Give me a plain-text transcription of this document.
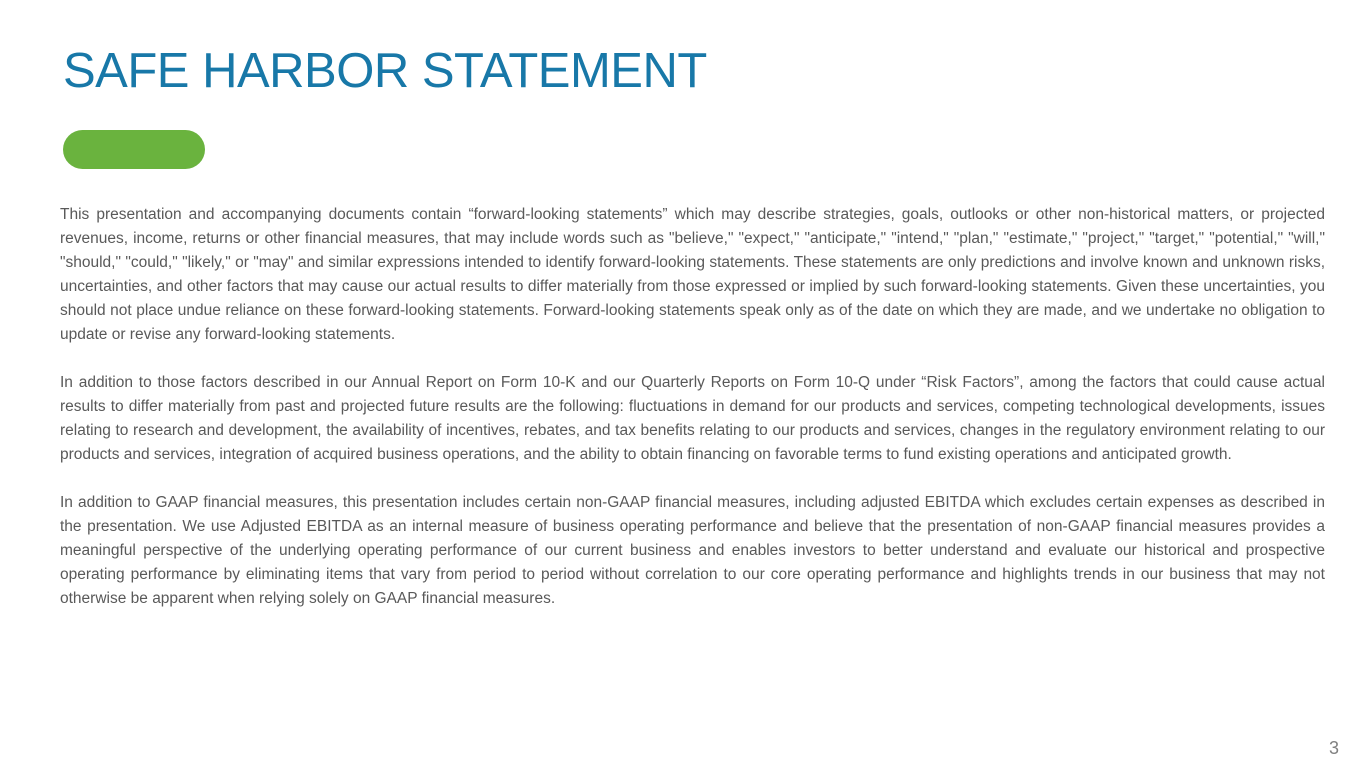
SAFE HARBOR STATEMENT

This presentation and accompanying documents contain “forward-looking statements” which may describe strategies, goals, outlooks or other non-historical matters, or projected revenues, income, returns or other financial measures, that may include words such as "believe," "expect," "anticipate," "intend," "plan," "estimate," "project," "target," "potential," "will," "should," "could," "likely," or "may" and similar expressions intended to identify forward-looking statements. These statements are only predictions and involve known and unknown risks, uncertainties, and other factors that may cause our actual results to differ materially from those expressed or implied by such forward-looking statements. Given these uncertainties, you should not place undue reliance on these forward-looking statements. Forward-looking statements speak only as of the date on which they are made, and we undertake no obligation to update or revise any forward-looking statements.

In addition to those factors described in our Annual Report on Form 10-K and our Quarterly Reports on Form 10-Q under “Risk Factors”, among the factors that could cause actual results to differ materially from past and projected future results are the following: fluctuations in demand for our products and services, competing technological developments, issues relating to research and development, the availability of incentives, rebates, and tax benefits relating to our products and services, changes in the regulatory environment relating to our products and services, integration of acquired business operations, and the ability to obtain financing on favorable terms to fund existing operations and anticipated growth.

In addition to GAAP financial measures, this presentation includes certain non-GAAP financial measures, including adjusted EBITDA which excludes certain expenses as described in the presentation. We use Adjusted EBITDA as an internal measure of business operating performance and believe that the presentation of non-GAAP financial measures provides a meaningful perspective of the underlying operating performance of our current business and enables investors to better understand and evaluate our historical and prospective operating performance by eliminating items that vary from period to period without correlation to our core operating performance and highlights trends in our business that may not otherwise be apparent when relying solely on GAAP financial measures.

3
